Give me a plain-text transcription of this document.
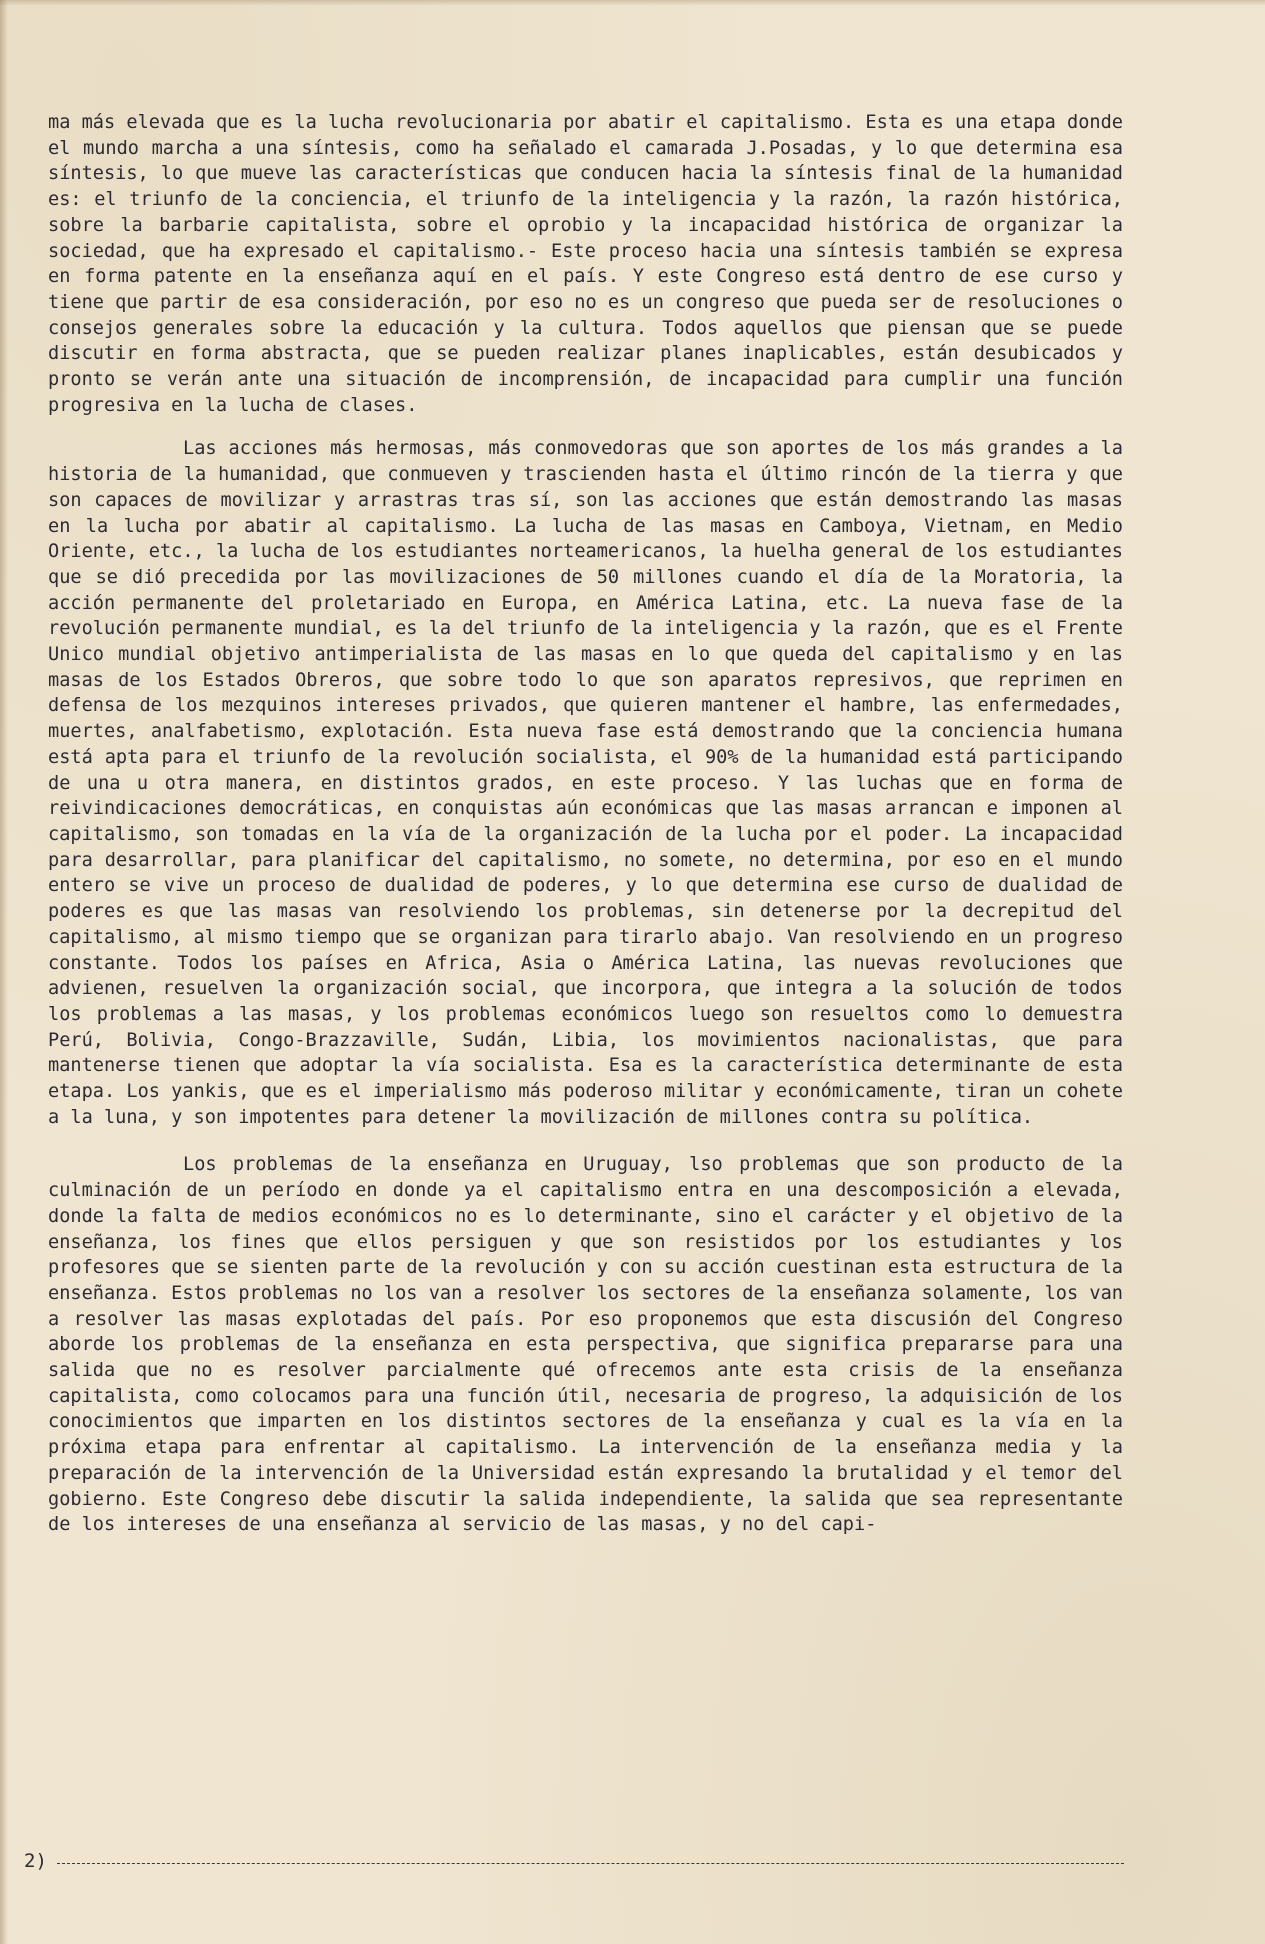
ma más elevada que es la lucha revolucionaria por abatir el capitalismo. Esta es una etapa donde el mundo marcha a una síntesis, como ha señalado el camarada J.Posadas, y lo que determina esa síntesis, lo que mueve las características que conducen hacia la síntesis final de la humanidad es: el triunfo de la conciencia, el triunfo de la inteligencia y la razón, la razón histórica, sobre la barbarie capitalista, sobre el oprobio y la incapacidad histórica de organizar la sociedad, que ha expresado el capitalismo.- Este proceso hacia una síntesis también se expresa en forma patente en la enseñanza aquí en el país. Y este Congreso está dentro de ese curso y tiene que partir de esa consideración, por eso no es un congreso que pueda ser de resoluciones o consejos generales sobre la educación y la cultura. Todos aquellos que piensan que se puede discutir en forma abstracta, que se pueden realizar planes inaplicables, están desubicados y pronto se verán ante una situación de incomprensión, de incapacidad para cumplir una función progresiva en la lucha de clases.

Las acciones más hermosas, más conmovedoras que son aportes de los más grandes a la historia de la humanidad, que conmueven y trascienden hasta el último rincón de la tierra y que son capaces de movilizar y arrastras tras sí, son las acciones que están demostrando las masas en la lucha por abatir al capitalismo. La lucha de las masas en Camboya, Vietnam, en Medio Oriente, etc., la lucha de los estudiantes norteamericanos, la huelha general de los estudiantes que se dió precedida por las movilizaciones de 50 millones cuando el día de la Moratoria, la acción permanente del proletariado en Europa, en América Latina, etc. La nueva fase de la revolución permanente mundial, es la del triunfo de la inteligencia y la razón, que es el Frente Unico mundial objetivo antimperialista de las masas en lo que queda del capitalismo y en las masas de los Estados Obreros, que sobre todo lo que son aparatos represivos, que reprimen en defensa de los mezquinos intereses privados, que quieren mantener el hambre, las enfermedades, muertes, analfabetismo, explotación. Esta nueva fase está demostrando que la conciencia humana está apta para el triunfo de la revolución socialista, el 90% de la humanidad está participando de una u otra manera, en distintos grados, en este proceso. Y las luchas que en forma de reivindicaciones democráticas, en conquistas aún económicas que las masas arrancan e imponen al capitalismo, son tomadas en la vía de la organización de la lucha por el poder. La incapacidad para desarrollar, para planificar del capitalismo, no somete, no determina, por eso en el mundo entero se vive un proceso de dualidad de poderes, y lo que determina ese curso de dualidad de poderes es que las masas van resolviendo los problemas, sin detenerse por la decrepitud del capitalismo, al mismo tiempo que se organizan para tirarlo abajo. Van resolviendo en un progreso constante. Todos los países en Africa, Asia o América Latina, las nuevas revoluciones que advienen, resuelven la organización social, que incorpora, que integra a la solución de todos los problemas a las masas, y los problemas económicos luego son resueltos como lo demuestra Perú, Bolivia, Congo-Brazzaville, Sudán, Libia, los movimientos nacionalistas, que para mantenerse tienen que adoptar la vía socialista. Esa es la característica determinante de esta etapa. Los yankis, que es el imperialismo más poderoso militar y económicamente, tiran un cohete a la luna, y son impotentes para detener la movilización de millones contra su política.

Los problemas de la enseñanza en Uruguay, lso problemas que son producto de la culminación de un período en donde ya el capitalismo entra en una descomposición a elevada, donde la falta de medios económicos no es lo determinante, sino el carácter y el objetivo de la enseñanza, los fines que ellos persiguen y que son resistidos por los estudiantes y los profesores que se sienten parte de la revolución y con su acción cuestinan esta estructura de la enseñanza. Estos problemas no los van a resolver los sectores de la enseñanza solamente, los van a resolver las masas explotadas del país. Por eso proponemos que esta discusión del Congreso aborde los problemas de la enseñanza en esta perspectiva, que significa prepararse para una salida que no es resolver parcialmente qué ofrecemos ante esta crisis de la enseñanza capitalista, como colocamos para una función útil, necesaria de progreso, la adquisición de los conocimientos que imparten en los distintos sectores de la enseñanza y cual es la vía en la próxima etapa para enfrentar al capitalismo. La intervención de la enseñanza media y la preparación de la intervención de la Universidad están expresando la brutalidad y el temor del gobierno. Este Congreso debe discutir la salida independiente, la salida que sea representante de los intereses de una enseñanza al servicio de las masas, y no del capi-

2)
